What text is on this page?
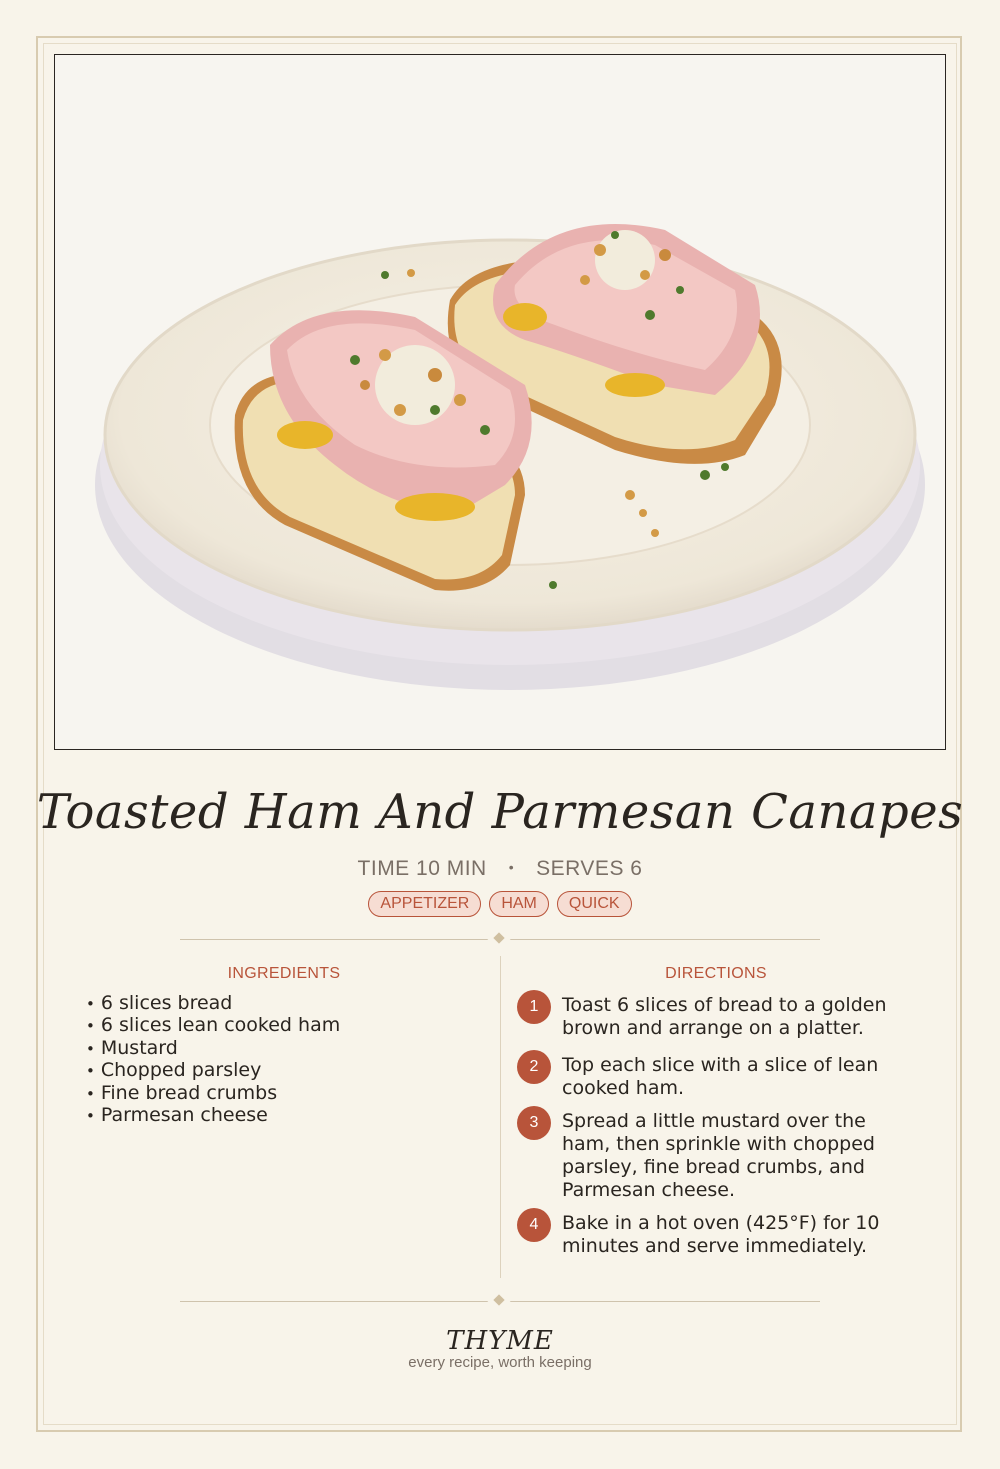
Toasted Ham And Parmesan Canapes
TIME 10 MIN • SERVES 6
APPETIZER	HAM	QUICK
INGREDIENTS	DIRECTIONS
• 6 slices bread
• 6 slices lean cooked ham
• Mustard
• Chopped parsley
• Fine bread crumbs
• Parmesan cheese
1	Toast 6 slices of bread to a golden brown and arrange on a platter.
2	Top each slice with a slice of lean cooked ham.
3	Spread a little mustard over the ham, then sprinkle with chopped parsley, fine bread crumbs, and Parmesan cheese.
4	Bake in a hot oven (425°F) for 10 minutes and serve immediately.
THYME
every recipe, worth keeping
